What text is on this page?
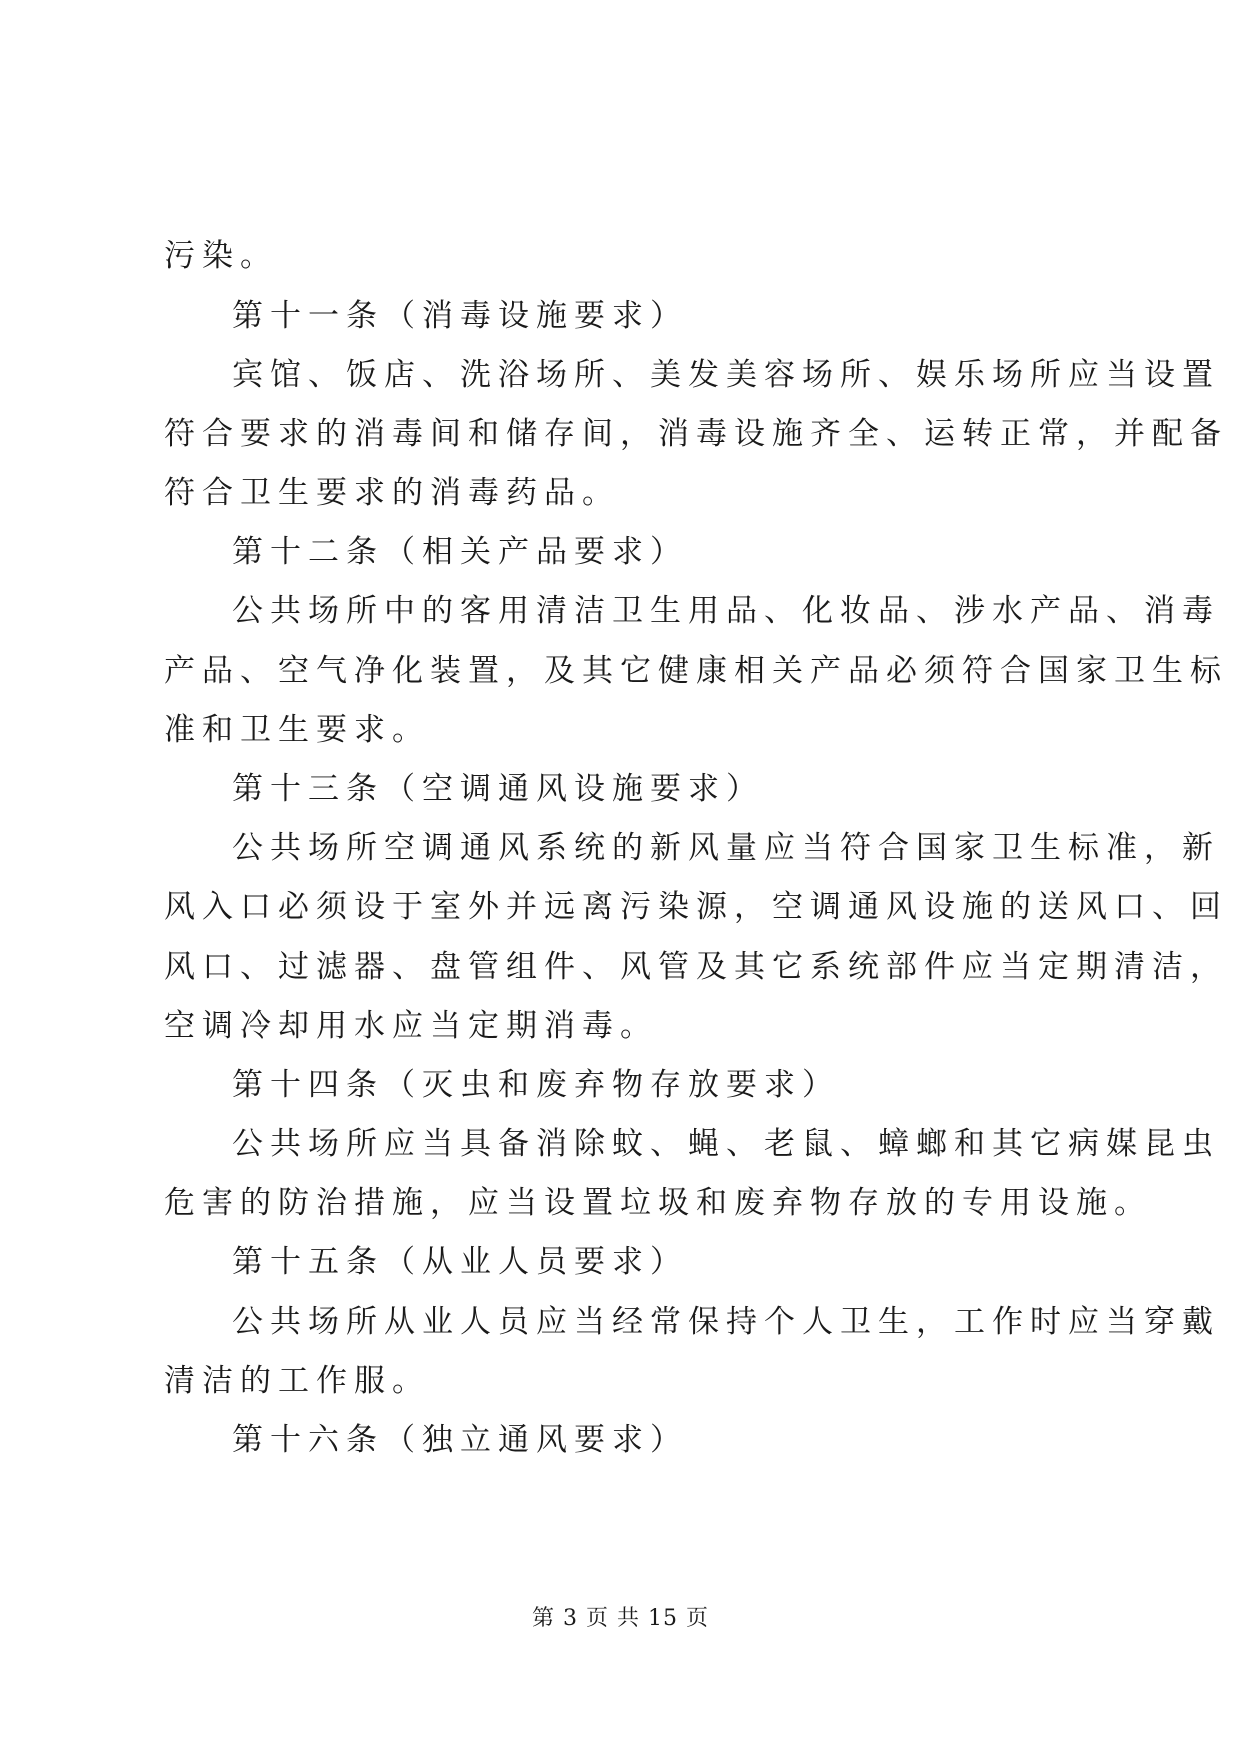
污染。
第十一条（消毒设施要求）
宾馆、饭店、洗浴场所、美发美容场所、娱乐场所应当设置
符合要求的消毒间和储存间，消毒设施齐全、运转正常，并配备
符合卫生要求的消毒药品。
第十二条（相关产品要求）
公共场所中的客用清洁卫生用品、化妆品、涉水产品、消毒
产品、空气净化装置，及其它健康相关产品必须符合国家卫生标
准和卫生要求。
第十三条（空调通风设施要求）
公共场所空调通风系统的新风量应当符合国家卫生标准，新
风入口必须设于室外并远离污染源，空调通风设施的送风口、回
风口、过滤器、盘管组件、风管及其它系统部件应当定期清洁，
空调冷却用水应当定期消毒。
第十四条（灭虫和废弃物存放要求）
公共场所应当具备消除蚊、蝇、老鼠、蟑螂和其它病媒昆虫
危害的防治措施，应当设置垃圾和废弃物存放的专用设施。
第十五条（从业人员要求）
公共场所从业人员应当经常保持个人卫生，工作时应当穿戴
清洁的工作服。
第十六条（独立通风要求）
第 3 页 共 15 页
